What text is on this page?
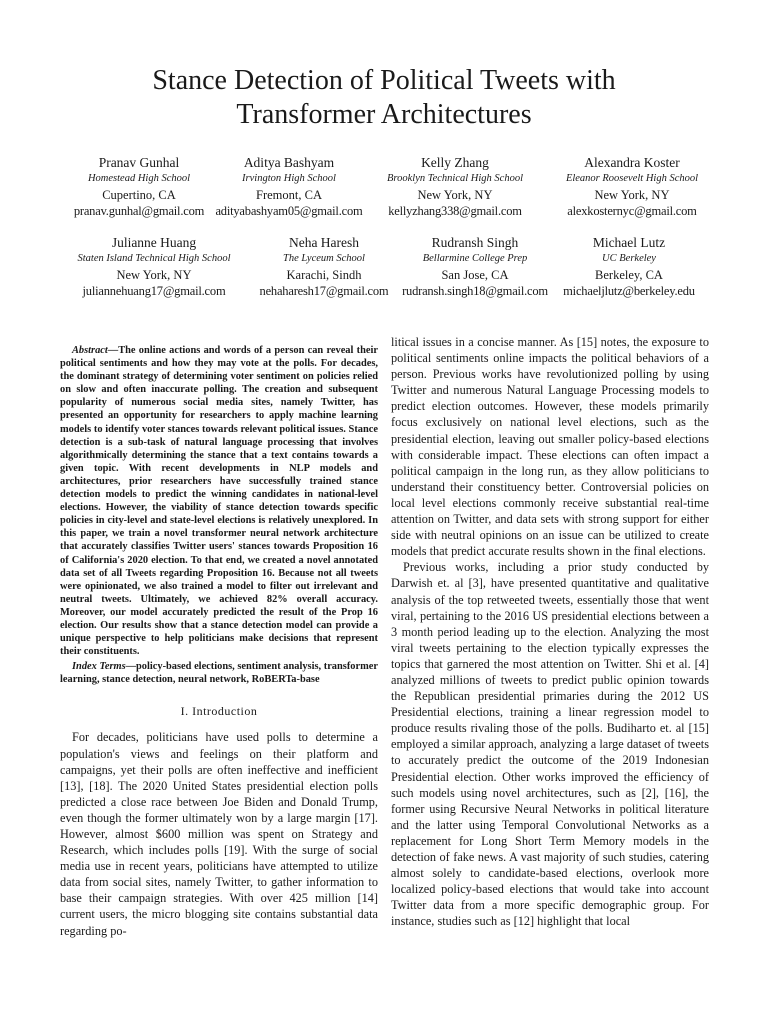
Stance Detection of Political Tweets with
Transformer Architectures
Pranav Gunhal
Homestead High School
Cupertino, CA
pranav.gunhal@gmail.com
Aditya Bashyam
Irvington High School
Fremont, CA
adityabashyam05@gmail.com
Kelly Zhang
Brooklyn Technical High School
New York, NY
kellyzhang338@gmail.com
Alexandra Koster
Eleanor Roosevelt High School
New York, NY
alexkosternyc@gmail.com
Julianne Huang
Staten Island Technical High School
New York, NY
juliannehuang17@gmail.com
Neha Haresh
The Lyceum School
Karachi, Sindh
nehaharesh17@gmail.com
Rudransh Singh
Bellarmine College Prep
San Jose, CA
rudransh.singh18@gmail.com
Michael Lutz
UC Berkeley
Berkeley, CA
michaeljlutz@berkeley.edu

Abstract—The online actions and words of a person can reveal their political sentiments and how they may vote at the polls. For decades, the dominant strategy of determining voter sentiment on policies relied on slow and often inaccurate polling. The creation and subsequent popularity of numerous social media sites, namely Twitter, has presented an opportunity for researchers to apply machine learning models to identify voter stances towards relevant political issues. Stance detection is a sub-task of natural language processing that involves algorithmically determining the stance that a text contains towards a given topic. With recent developments in NLP models and architectures, prior researchers have successfully trained stance detection models to predict the winning candidates in national-level elections. However, the viability of stance detection towards specific policies in city-level and state-level elections is relatively unexplored. In this paper, we train a novel transformer neural network architecture that accurately classifies Twitter users' stances towards Proposition 16 of California's 2020 election. To that end, we created a novel annotated data set of all Tweets regarding Proposition 16. Because not all tweets were opinionated, we also trained a model to filter out irrelevant and neutral tweets. Ultimately, we achieved 82% overall accuracy. Moreover, our model accurately predicted the result of the Prop 16 election. Our results show that a stance detection model can provide a unique perspective to help politicians make decisions that represent their constituents.

Index Terms—policy-based elections, sentiment analysis, transformer learning, stance detection, neural network, RoBERTa-base

I. Introduction

For decades, politicians have used polls to determine a population's views and feelings on their platform and campaigns, yet their polls are often ineffective and inefficient [13], [18]. The 2020 United States presidential election polls predicted a close race between Joe Biden and Donald Trump, even though the former ultimately won by a large margin [17]. However, almost $600 million was spent on Strategy and Research, which includes polls [19]. With the surge of social media use in recent years, politicians have attempted to utilize data from social sites, namely Twitter, to gather information to base their campaign strategies. With over 425 million [14] current users, the micro blogging site contains substantial data regarding po-

litical issues in a concise manner. As [15] notes, the exposure to political sentiments online impacts the political behaviors of a person. Previous works have revolutionized polling by using Twitter and numerous Natural Language Processing models to predict election outcomes. However, these models primarily focus exclusively on national level elections, such as the presidential election, leaving out smaller policy-based elections with considerable impact. These elections can often impact a political campaign in the long run, as they allow politicians to understand their constituency better. Controversial policies on local level elections commonly receive substantial real-time attention on Twitter, and data sets with strong support for either side with neutral opinions on an issue can be utilized to create models that predict accurate results shown in the final elections.

Previous works, including a prior study conducted by Darwish et. al [3], have presented quantitative and qualitative analysis of the top retweeted tweets, essentially those that went viral, pertaining to the 2016 US presidential elections between a 3 month period leading up to the election. Analyzing the most viral tweets pertaining to the election typically expresses the topics that garnered the most attention on Twitter. Shi et al. [4] analyzed millions of tweets to predict public opinion towards the Republican presidential primaries during the 2012 US Presidential elections, training a linear regression model to produce results rivaling those of the polls. Budiharto et. al [15] employed a similar approach, analyzing a large dataset of tweets to accurately predict the outcome of the 2019 Indonesian Presidential election. Other works improved the efficiency of such models using novel architectures, such as [2], [16], the former using Recursive Neural Networks in political literature and the latter using Temporal Convolutional Networks as a replacement for Long Short Term Memory models in the detection of fake news. A vast majority of such studies, catering almost solely to candidate-based elections, overlook more localized policy-based elections that would take into account Twitter data from a more specific demographic group. For instance, studies such as [12] highlight that local
